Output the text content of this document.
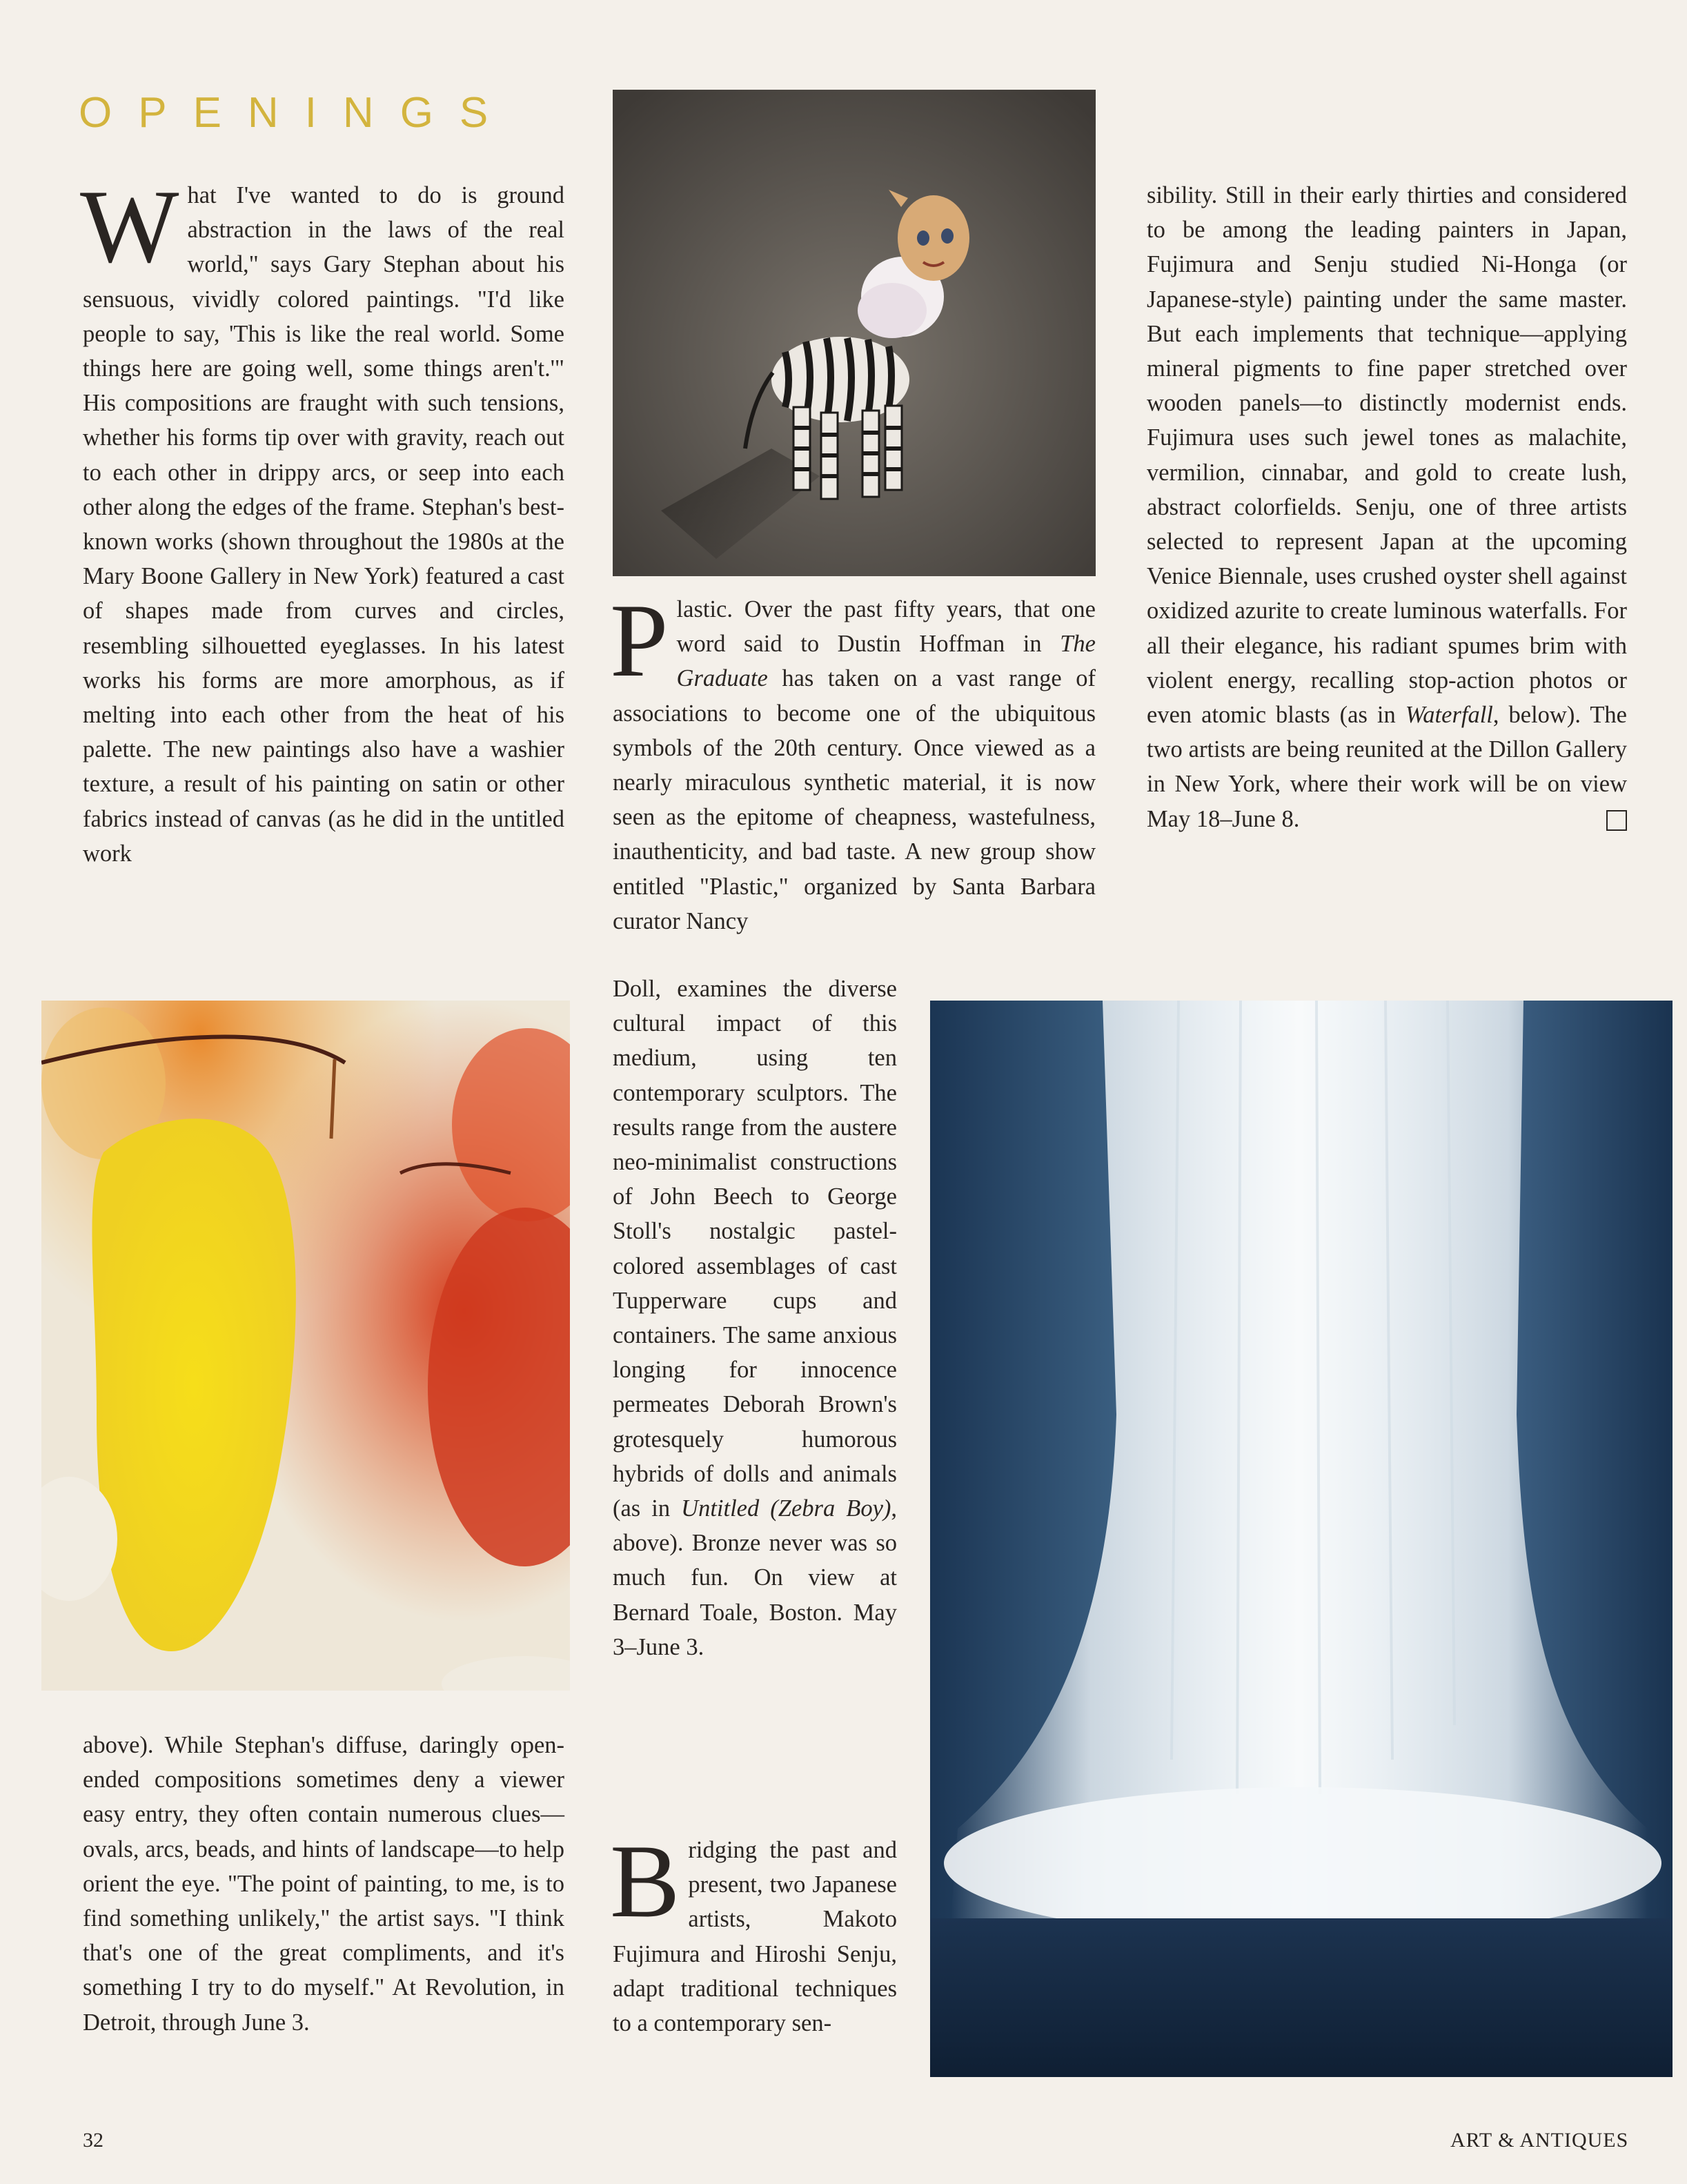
OPENINGS
What I've wanted to do is ground abstraction in the laws of the real world," says Gary Stephan about his sensuous, vividly colored paintings. "I'd like people to say, 'This is like the real world. Some things here are going well, some things aren't.'" His compositions are fraught with such tensions, whether his forms tip over with gravity, reach out to each other in drippy arcs, or seep into each other along the edges of the frame. Stephan's best-known works (shown throughout the 1980s at the Mary Boone Gallery in New York) featured a cast of shapes made from curves and circles, resembling silhouetted eyeglasses. In his latest works his forms are more amorphous, as if melting into each other from the heat of his palette. The new paintings also have a washier texture, a result of his painting on satin or other fabrics instead of canvas (as he did in the untitled work
Plastic. Over the past fifty years, that one word said to Dustin Hoffman in The Graduate has taken on a vast range of associations to become one of the ubiquitous symbols of the 20th century. Once viewed as a nearly miraculous synthetic material, it is now seen as the epitome of cheapness, wastefulness, inauthenticity, and bad taste. A new group show entitled "Plastic," organized by Santa Barbara curator Nancy
Doll, examines the diverse cultural impact of this medium, using ten contemporary sculptors. The results range from the austere neo-minimalist constructions of John Beech to George Stoll's nostalgic pastel-colored assemblages of cast Tupperware cups and containers. The same anxious longing for innocence permeates Deborah Brown's grotesquely humorous hybrids of dolls and animals (as in Untitled (Zebra Boy), above). Bronze never was so much fun. On view at Bernard Toale, Boston. May 3–June 3.
Bridging the past and present, two Japanese artists, Makoto Fujimura and Hiroshi Senju, adapt traditional techniques to a contemporary sen-
sibility. Still in their early thirties and considered to be among the leading painters in Japan, Fujimura and Senju studied Ni-Honga (or Japanese-style) painting under the same master. But each implements that technique—applying mineral pigments to fine paper stretched over wooden panels—to distinctly modernist ends. Fujimura uses such jewel tones as malachite, vermilion, cinnabar, and gold to create lush, abstract colorfields. Senju, one of three artists selected to represent Japan at the upcoming Venice Biennale, uses crushed oyster shell against oxidized azurite to create luminous waterfalls. For all their elegance, his radiant spumes brim with violent energy, recalling stop-action photos or even atomic blasts (as in Waterfall, below). The two artists are being reunited at the Dillon Gallery in New York, where their work will be on view May 18–June 8.
above). While Stephan's diffuse, daringly open-ended compositions sometimes deny a viewer easy entry, they often contain numerous clues—ovals, arcs, beads, and hints of landscape—to help orient the eye. "The point of painting, to me, is to find something unlikely," the artist says. "I think that's one of the great compliments, and it's something I try to do myself." At Revolution, in Detroit, through June 3.
32	ART & ANTIQUES
